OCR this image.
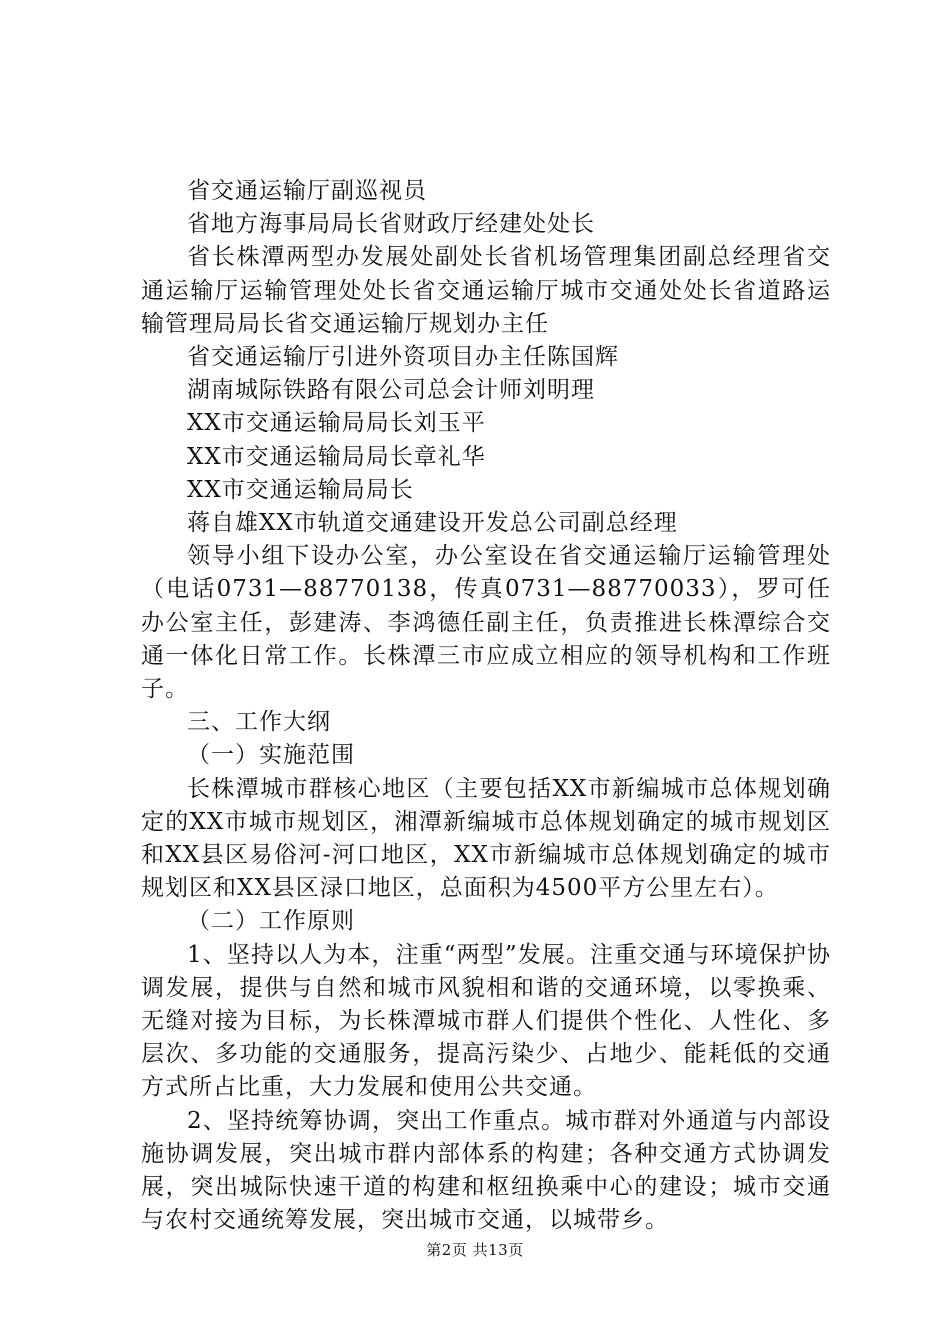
省交通运输厅副巡视员

省地方海事局局长省财政厅经建处处长

省长株潭两型办发展处副处长省机场管理集团副总经理省交通运输厅运输管理处处长省交通运输厅城市交通处处长省道路运输管理局局长省交通运输厅规划办主任

省交通运输厅引进外资项目办主任陈国辉

湖南城际铁路有限公司总会计师刘明理

XX市交通运输局局长刘玉平

XX市交通运输局局长章礼华

XX市交通运输局局长

蒋自雄XX市轨道交通建设开发总公司副总经理

领导小组下设办公室，办公室设在省交通运输厅运输管理处（电话0731—88770138，传真0731—88770033），罗可任办公室主任，彭建涛、李鸿德任副主任，负责推进长株潭综合交通一体化日常工作。长株潭三市应成立相应的领导机构和工作班子。

三、工作大纲

（一）实施范围

长株潭城市群核心地区（主要包括XX市新编城市总体规划确定的XX市城市规划区，湘潭新编城市总体规划确定的城市规划区和XX县区易俗河-河口地区，XX市新编城市总体规划确定的城市规划区和XX县区渌口地区，总面积为4500平方公里左右）。

（二）工作原则

1、坚持以人为本，注重“两型”发展。注重交通与环境保护协调发展，提供与自然和城市风貌相和谐的交通环境，以零换乘、无缝对接为目标，为长株潭城市群人们提供个性化、人性化、多层次、多功能的交通服务，提高污染少、占地少、能耗低的交通方式所占比重，大力发展和使用公共交通。

2、坚持统筹协调，突出工作重点。城市群对外通道与内部设施协调发展，突出城市群内部体系的构建；各种交通方式协调发展，突出城际快速干道的构建和枢纽换乘中心的建设；城市交通与农村交通统筹发展，突出城市交通，以城带乡。

第2页 共13页
